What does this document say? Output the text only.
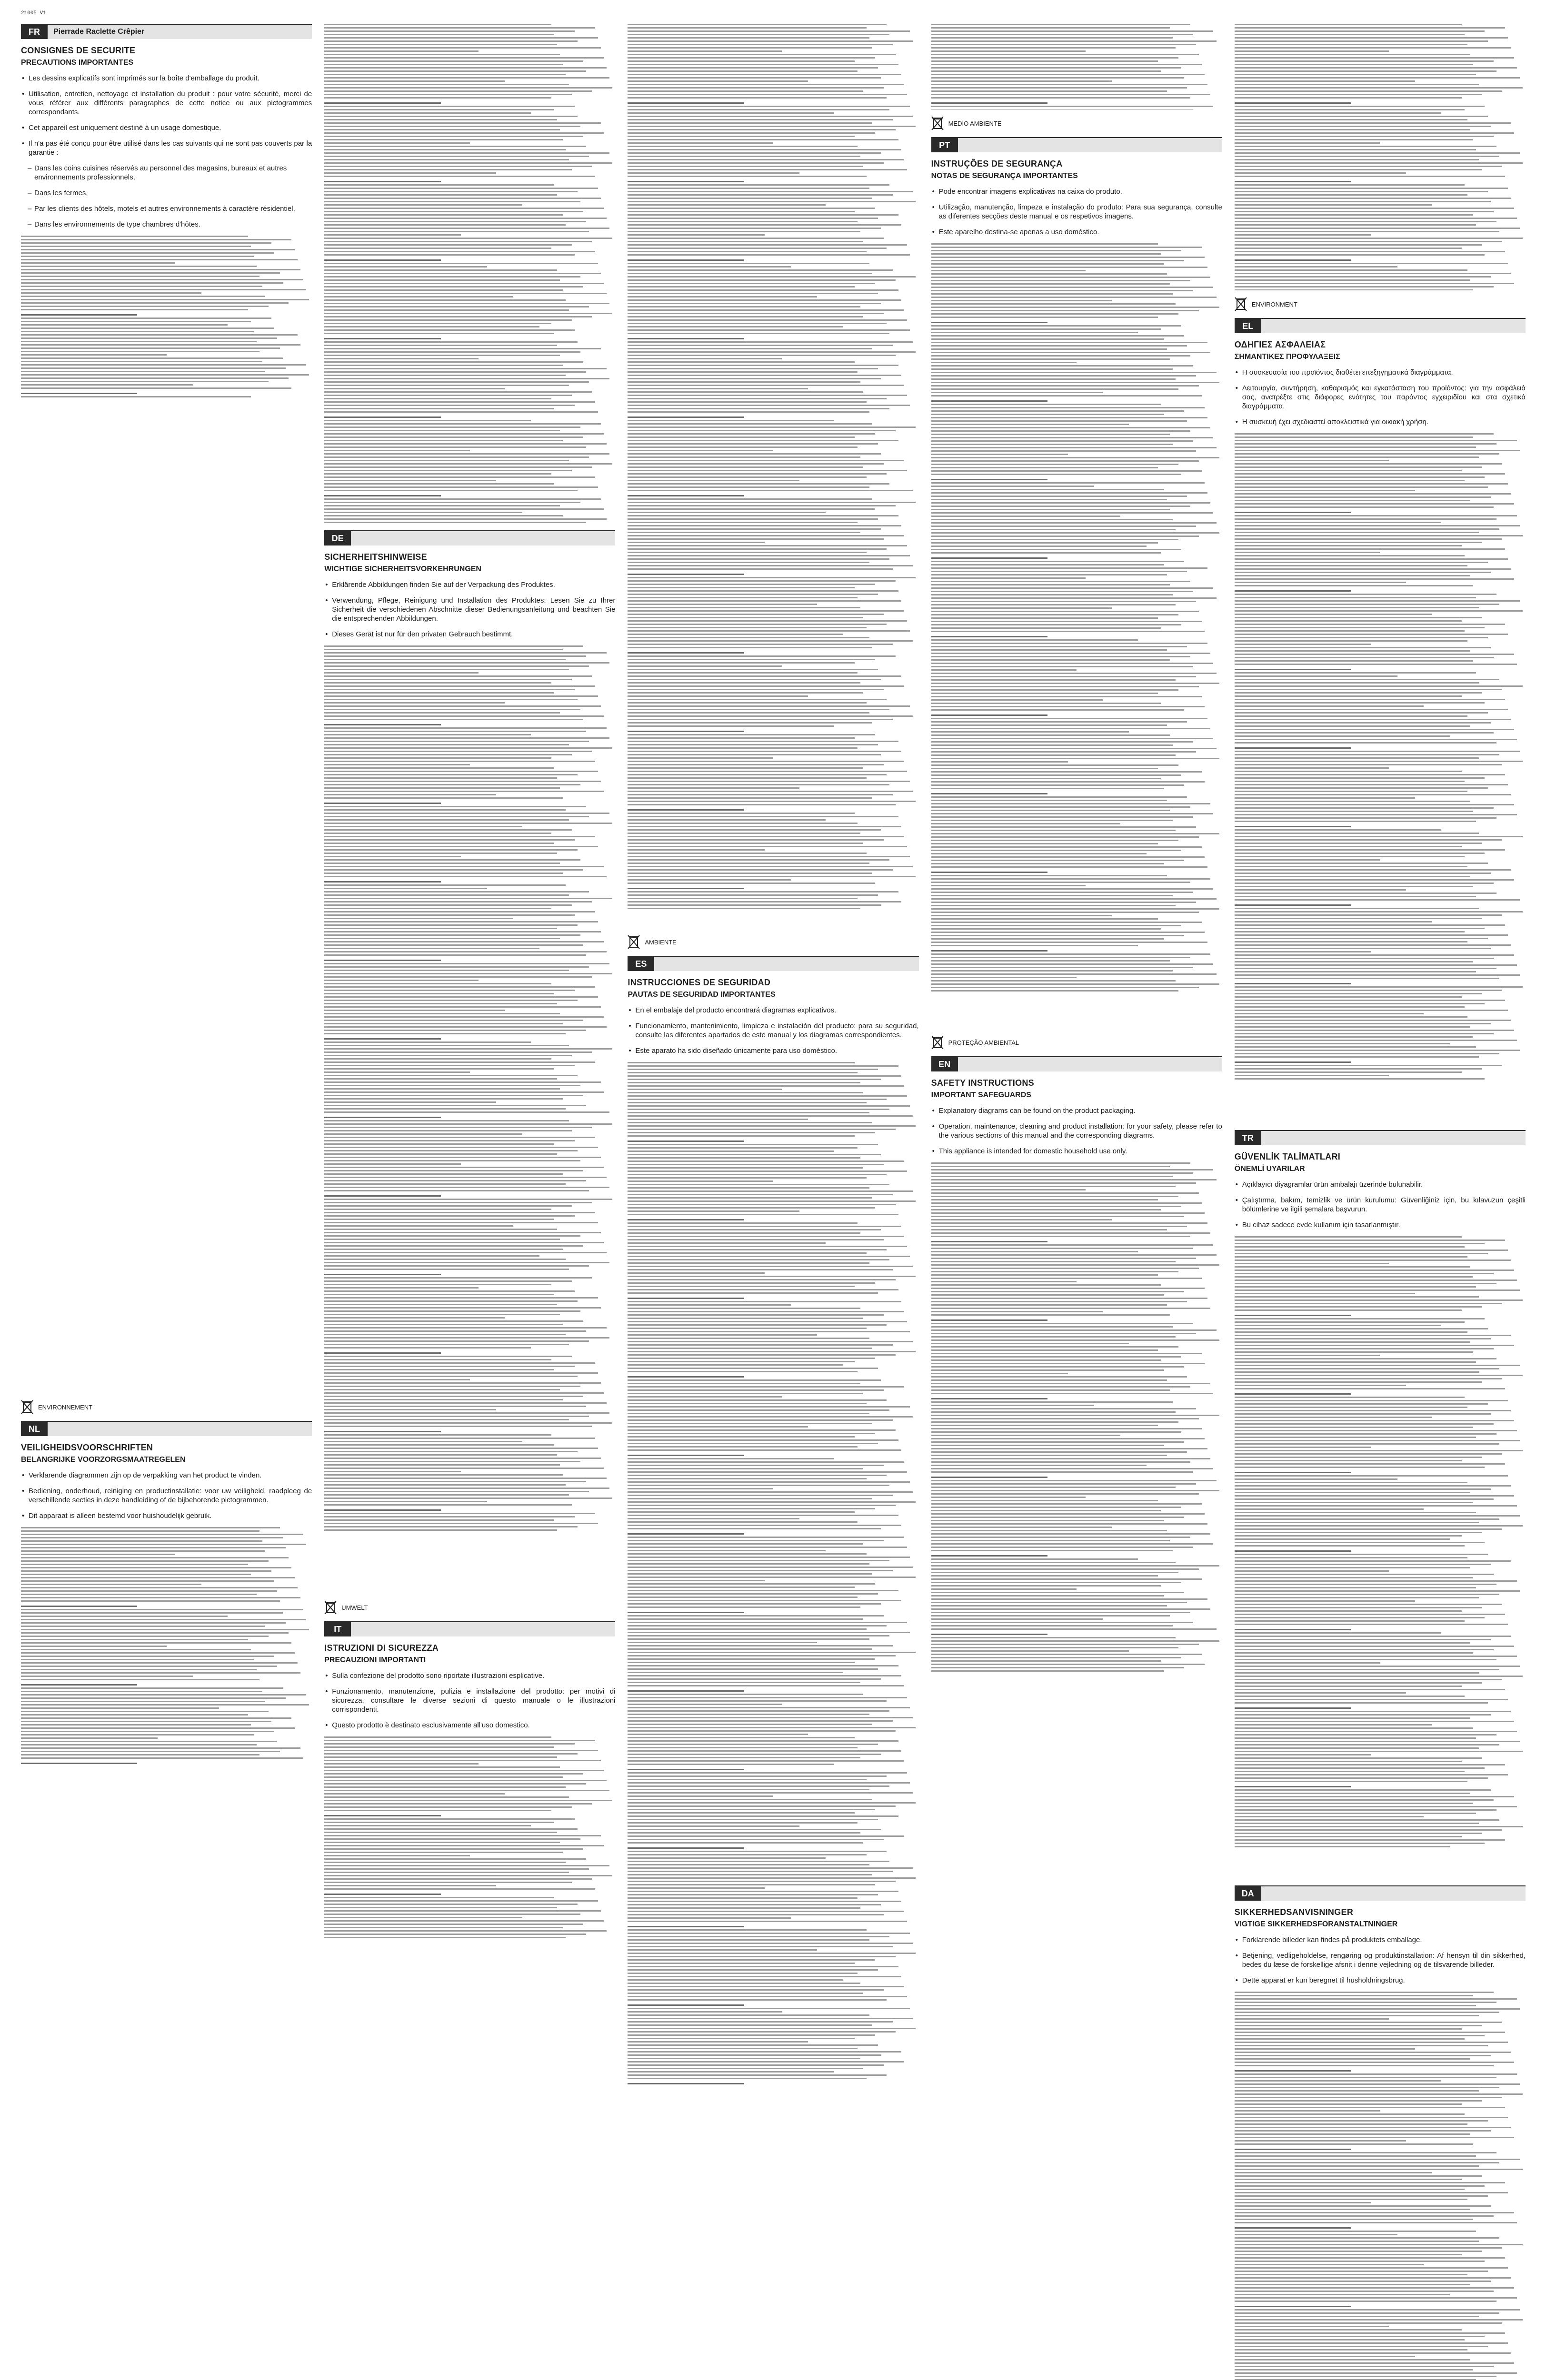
21005 V1
FR	Pierrade Raclette Crêpier
CONSIGNES DE SECURITE
PRECAUTIONS IMPORTANTES
• Les dessins explicatifs sont imprimés sur la boîte d'emballage du produit.
• Utilisation, entretien, nettoyage et installation du produit : pour votre sécurité, merci de vous référer aux différents paragraphes de cette notice ou aux pictogrammes correspondants.
• Cet appareil est uniquement destiné à un usage domestique.
• Il n'a pas été conçu pour être utilisé dans les cas suivants qui ne sont pas couverts par la garantie :
– Dans les coins cuisines réservés au personnel des magasins, bureaux et autres environnements professionnels,
– Dans les fermes,
– Par les clients des hôtels, motels et autres environnements à caractère résidentiel,
– Dans les environnements de type chambres d'hôtes.
ENVIRONNEMENT
NL
VEILIGHEIDSVOORSCHRIFTEN
BELANGRIJKE VOORZORGSMAATREGELEN
• Verklarende diagrammen zijn op de verpakking van het product te vinden.
• Bediening, onderhoud, reiniging en productinstallatie: voor uw veiligheid, raadpleeg de verschillende secties in deze handleiding of de bijbehorende pictogrammen.
• Dit apparaat is alleen bestemd voor huishoudelijk gebruik.
DE
SICHERHEITSHINWEISE
WICHTIGE SICHERHEITSVORKEHRUNGEN
• Erklärende Abbildungen finden Sie auf der Verpackung des Produktes.
• Verwendung, Pflege, Reinigung und Installation des Produktes: Lesen Sie zu Ihrer Sicherheit die verschiedenen Abschnitte dieser Bedienungsanleitung und beachten Sie die entsprechenden Abbildungen.
• Dieses Gerät ist nur für den privaten Gebrauch bestimmt.
UMWELT
IT
ISTRUZIONI DI SICUREZZA
PRECAUZIONI IMPORTANTI
• Sulla confezione del prodotto sono riportate illustrazioni esplicative.
• Funzionamento, manutenzione, pulizia e installazione del prodotto: per motivi di sicurezza, consultare le diverse sezioni di questo manuale o le illustrazioni corrispondenti.
• Questo prodotto è destinato esclusivamente all'uso domestico.
AMBIENTE
ES
INSTRUCCIONES DE SEGURIDAD
PAUTAS DE SEGURIDAD IMPORTANTES
• En el embalaje del producto encontrará diagramas explicativos.
• Funcionamiento, mantenimiento, limpieza e instalación del producto: para su seguridad, consulte las diferentes apartados de este manual y los diagramas correspondientes.
• Este aparato ha sido diseñado únicamente para uso doméstico.
MEDIO AMBIENTE
PT
INSTRUÇÕES DE SEGURANÇA
NOTAS DE SEGURANÇA IMPORTANTES
• Pode encontrar imagens explicativas na caixa do produto.
• Utilização, manutenção, limpeza e instalação do produto: Para sua segurança, consulte as diferentes secções deste manual e os respetivos imagens.
• Este aparelho destina-se apenas a uso doméstico.
PROTEÇÃO AMBIENTAL
EN
SAFETY INSTRUCTIONS
IMPORTANT SAFEGUARDS
• Explanatory diagrams can be found on the product packaging.
• Operation, maintenance, cleaning and product installation: for your safety, please refer to the various sections of this manual and the corresponding diagrams.
• This appliance is intended for domestic household use only.
ENVIRONMENT
EL
ΟΔΗΓΙΕΣ ΑΣΦΑΛΕΙΑΣ
ΣΗΜΑΝΤΙΚΕΣ ΠΡΟΦΥΛΑΞΕΙΣ
• Η συσκευασία του προϊόντος διαθέτει επεξηγηματικά διαγράμματα.
• Λειτουργία, συντήρηση, καθαρισμός και εγκατάσταση του προϊόντος: για την ασφάλειά σας, ανατρέξτε στις διάφορες ενότητες του παρόντος εγχειριδίου και στα σχετικά διαγράμματα.
• Η συσκευή έχει σχεδιαστεί αποκλειστικά για οικιακή χρήση.
TR
GÜVENLİK TALİMATLARI
ÖNEMLİ UYARILAR
• Açıklayıcı diyagramlar ürün ambalajı üzerinde bulunabilir.
• Çalıştırma, bakım, temizlik ve ürün kurulumu: Güvenliğiniz için, bu kılavuzun çeşitli bölümlerine ve ilgili şemalara başvurun.
• Bu cihaz sadece evde kullanım için tasarlanmıştır.
DA
SIKKERHEDSANVISNINGER
VIGTIGE SIKKERHEDSFORANSTALTNINGER
• Forklarende billeder kan findes på produktets emballage.
• Betjening, vedligeholdelse, rengøring og produktinstallation: Af hensyn til din sikkerhed, bedes du læse de forskellige afsnit i denne vejledning og de tilsvarende billeder.
• Dette apparat er kun beregnet til husholdningsbrug.
